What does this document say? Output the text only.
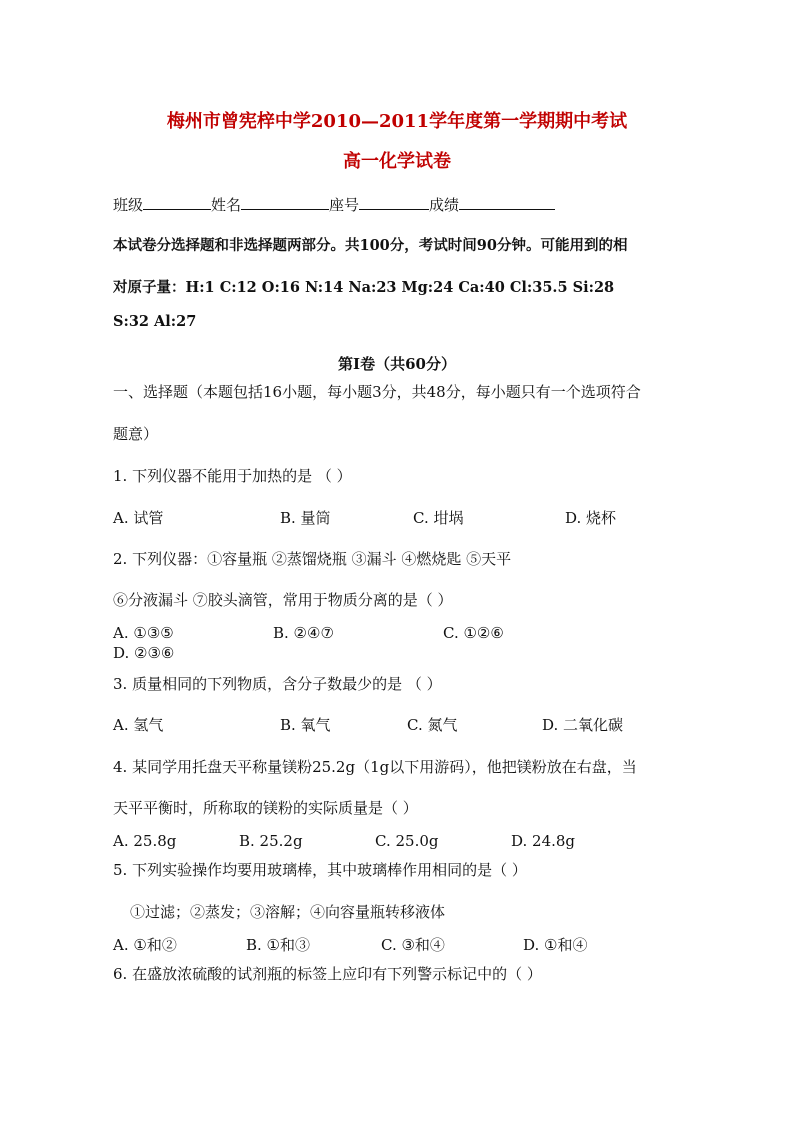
梅州市曾宪梓中学2010—2011学年度第一学期期中考试
高一化学试卷
班级	姓名	座号	成绩
本试卷分选择题和非选择题两部分。共100分，考试时间90分钟。可能用到的相
对原子量：H:1 C:12 O:16 N:14 Na:23 Mg:24 Ca:40 Cl:35.5 Si:28
S:32 Al:27
第Ⅰ卷（共60分）
一、选择题（本题包括16小题，每小题3分，共48分，每小题只有一个选项符合
题意）
1. 下列仪器不能用于加热的是 （ ）
A. 试管	B. 量筒	C. 坩埚	D. 烧杯
2. 下列仪器：①容量瓶 ②蒸馏烧瓶 ③漏斗 ④燃烧匙 ⑤天平
⑥分液漏斗 ⑦胶头滴管，常用于物质分离的是（ ）
A. ①③⑤	B. ②④⑦	C. ①②⑥
D. ②③⑥
3. 质量相同的下列物质，含分子数最少的是 （ ）
A. 氢气	B. 氧气	C. 氮气	D. 二氧化碳
4. 某同学用托盘天平称量镁粉25.2g（1g以下用游码），他把镁粉放在右盘，当
天平平衡时，所称取的镁粉的实际质量是（ ）
A. 25.8g	B. 25.2g	C. 25.0g	D. 24.8g
5. 下列实验操作均要用玻璃棒，其中玻璃棒作用相同的是（ ）
①过滤；②蒸发；③溶解；④向容量瓶转移液体
A. ①和②	B. ①和③	C. ③和④	D. ①和④
6. 在盛放浓硫酸的试剂瓶的标签上应印有下列警示标记中的（ ）
